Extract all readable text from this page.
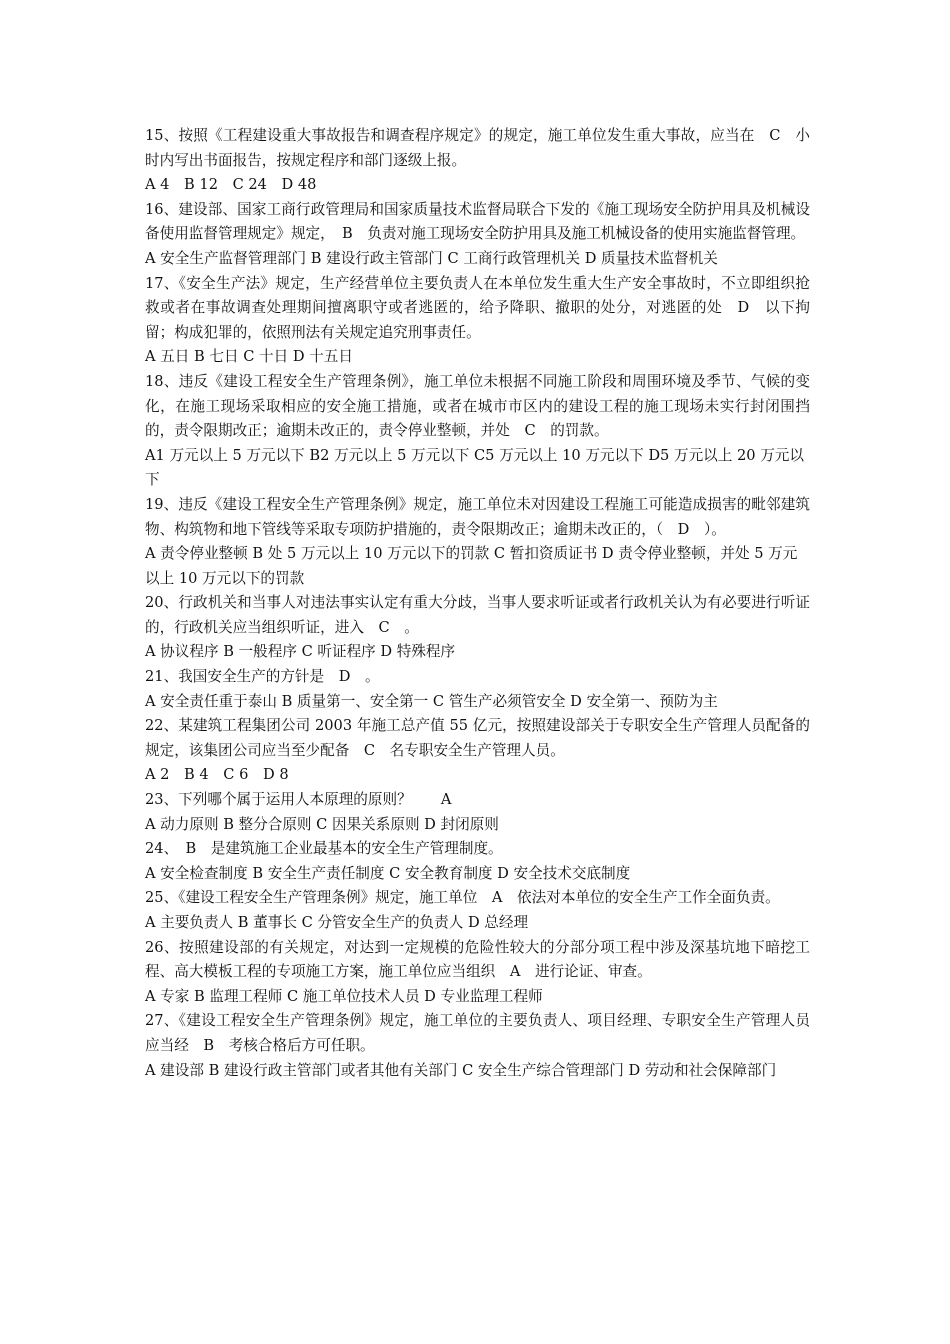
15、按照《工程建设重大事故报告和调查程序规定》的规定，施工单位发生重大事故，应当在　C　小时内写出书面报告，按规定程序和部门逐级上报。

A 4　B 12　C 24　D 48

16、建设部、国家工商行政管理局和国家质量技术监督局联合下发的《施工现场安全防护用具及机械设备使用监督管理规定》规定，　B　负责对施工现场安全防护用具及施工机械设备的使用实施监督管理。

A 安全生产监督管理部门 B 建设行政主管部门 C 工商行政管理机关 D 质量技术监督机关

17、《安全生产法》规定，生产经营单位主要负责人在本单位发生重大生产安全事故时，不立即组织抢救或者在事故调查处理期间擅离职守或者逃匿的，给予降职、撤职的处分，对逃匿的处　D　以下拘留；构成犯罪的，依照刑法有关规定追究刑事责任。

A 五日 B 七日 C 十日 D 十五日

18、违反《建设工程安全生产管理条例》，施工单位未根据不同施工阶段和周围环境及季节、气候的变化，在施工现场采取相应的安全施工措施，或者在城市市区内的建设工程的施工现场未实行封闭围挡的，责令限期改正；逾期未改正的，责令停业整顿，并处　C　的罚款。

A1 万元以上 5 万元以下 B2 万元以上 5 万元以下 C5 万元以上 10 万元以下 D5 万元以上 20 万元以下

19、违反《建设工程安全生产管理条例》规定，施工单位未对因建设工程施工可能造成损害的毗邻建筑物、构筑物和地下管线等采取专项防护措施的，责令限期改正；逾期未改正的，（　D　）。

A 责令停业整顿 B 处 5 万元以上 10 万元以下的罚款 C 暂扣资质证书 D 责令停业整顿，并处 5 万元以上 10 万元以下的罚款

20、行政机关和当事人对违法事实认定有重大分歧，当事人要求听证或者行政机关认为有必要进行听证的，行政机关应当组织听证，进入　C　。

A 协议程序 B 一般程序 C 听证程序 D 特殊程序

21、我国安全生产的方针是　D　。

A 安全责任重于泰山 B 质量第一、安全第一 C 管生产必须管安全 D 安全第一、预防为主

22、某建筑工程集团公司 2003 年施工总产值 55 亿元，按照建设部关于专职安全生产管理人员配备的规定，该集团公司应当至少配备　C　名专职安全生产管理人员。

A 2　B 4　C 6　D 8

23、下列哪个属于运用人本原理的原则？　　A

A 动力原则 B 整分合原则 C 因果关系原则 D 封闭原则

24、　B　是建筑施工企业最基本的安全生产管理制度。

A 安全检查制度 B 安全生产责任制度 C 安全教育制度 D 安全技术交底制度

25、《建设工程安全生产管理条例》规定，施工单位　A　依法对本单位的安全生产工作全面负责。

A 主要负责人 B 董事长 C 分管安全生产的负责人 D 总经理

26、按照建设部的有关规定，对达到一定规模的危险性较大的分部分项工程中涉及深基坑地下暗挖工程、高大模板工程的专项施工方案，施工单位应当组织　A　进行论证、审查。

A 专家 B 监理工程师 C 施工单位技术人员 D 专业监理工程师

27、《建设工程安全生产管理条例》规定，施工单位的主要负责人、项目经理、专职安全生产管理人员应当经　B　考核合格后方可任职。

A 建设部 B 建设行政主管部门或者其他有关部门 C 安全生产综合管理部门 D 劳动和社会保障部门
